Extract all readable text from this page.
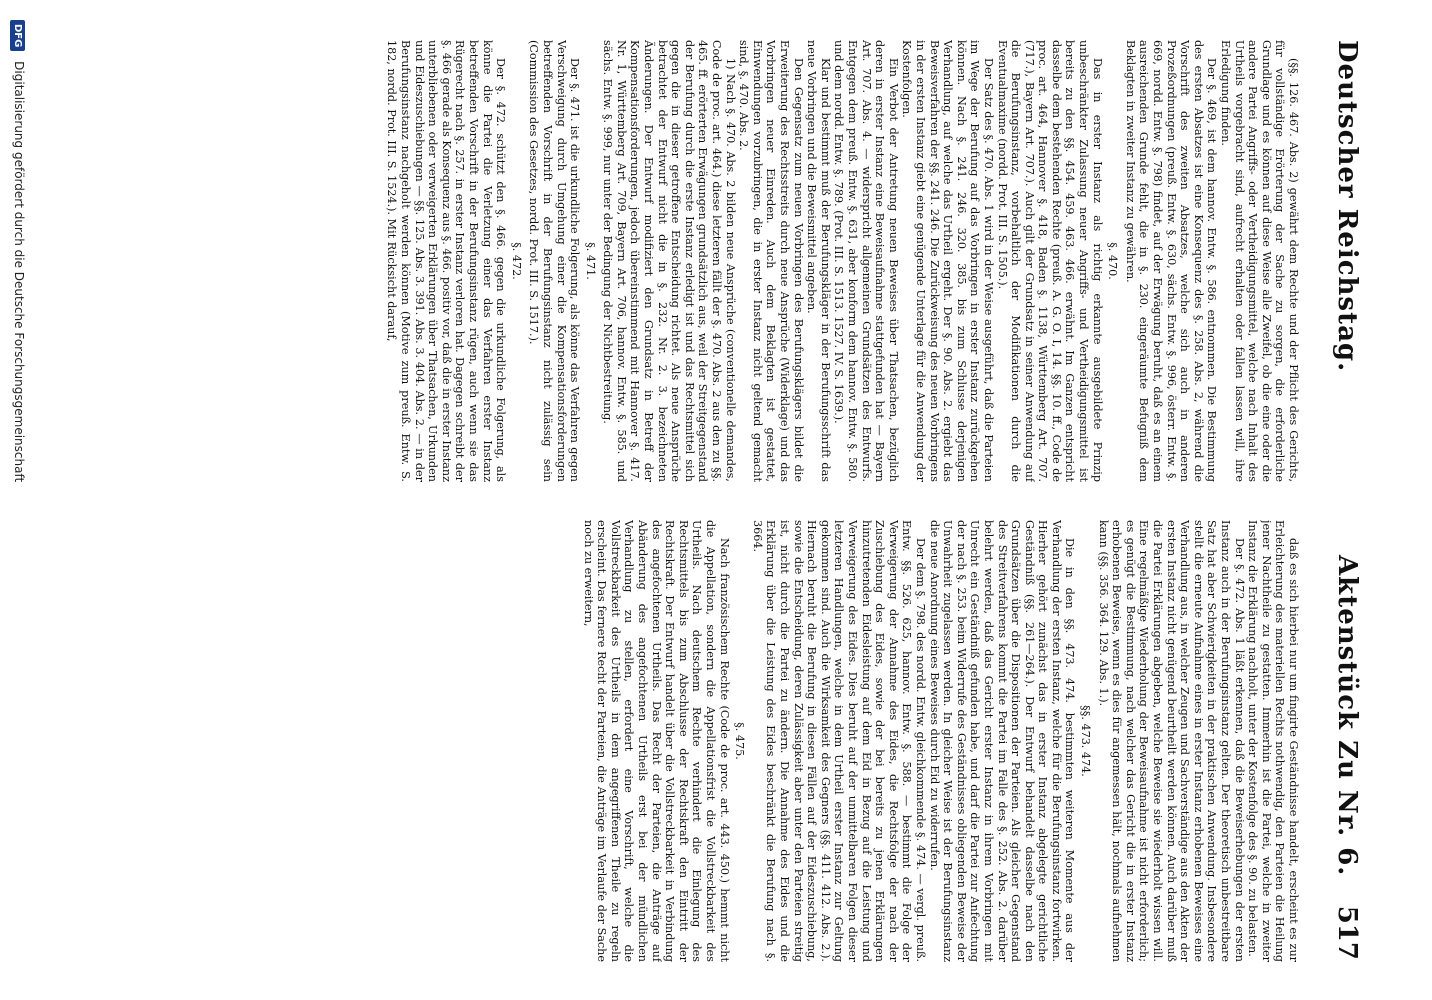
Deutscher Reichstag.
Aktenstück Zu Nr. 6.
517

(§§. 126. 467. Abs. 2) gewährt dem Rechte und der Pflicht des Gerichts, für vollständige Erörterung der Sache zu sorgen, die erforderliche Grundlage und es können auf diese Weise alle Zweifel, ob die eine oder die andere Partei Angriffs- oder Vertheidigungsmittel, welche nach Inhalt des Urtheils vorgebracht sind, aufrecht erhalten oder fallen lassen will, ihre Erledigung finden.

Der §. 469, ist dem hannov. Entw. §. 586. entnommen. Die Bestimmung des ersten Absatzes ist eine Konsequenz des §. 258. Abs. 2, während die Vorschrift des zweiten Absatzes, welche sich auch in anderen Prozeßordnungen (preuß. Entw. §. 630, sächs. Entw. §. 996, österr. Entw. §. 669, nordd. Entw. §. 798) findet, auf der Erwägung beruht, daß es an einem ausreichenden Grunde fehlt, die in §. 230. eingeräumte Befugniß dem Beklagten in zweiter Instanz zu gewähren.

§. 470.

Das in erster Instanz als richtig erkannte ausgebildete Prinzip unbeschränkter Zulassung neuer Angriffs- und Vertheidigungsmittel ist bereits zu den §§. 454. 459. 463. 466. erwähnt. Im Ganzen entspricht dasselbe dem bestehenden Rechte (preuß. A. G. O. I, 14. §§. 10. ff., Code de proc. art. 464, Hannover §. 418, Baden §. 1138, Württemberg Art. 707. (717.), Bayern Art. 707.). Auch gilt der Grundsatz in seiner Anwendung auf die Berufungsinstanz, vorbehaltlich der Modifikationen durch die Eventualmaxime (nordd. Prot. III. S. 1505.).

Der Satz des §. 470. Abs. 1 wird in der Weise ausgeführt, daß die Parteien im Wege der Berufung auf das Vorbringen in erster Instanz zurückgehen können. Nach §. 241. 246. 320. 385. bis zum Schlusse derjenigen Verhandlung, auf welche das Urtheil ergeht. Der §. 90. Abs. 2. ergiebt das Beweisverfahren der §§. 241. 246. Die Zurückweisung des neuen Vorbringens in der ersten Instanz giebt eine genügende Unterlage für die Anwendung der Kostenfolgen.

Ein Verbot der Antretung neuen Beweises über Thatsachen, bezüglich deren in erster Instanz eine Beweisaufnahme stattgefunden hat — Bayern Art. 707. Abs. 4. — widerspricht allgemeinen Grundsätzen des Entwurfs. Entgegen dem preuß. Entw. §. 631, aber konform dem hannov. Entw. §. 580. und dem nordd. Entw. §. 789. (Prot. III. S. 1513. 1527. IV. S. 1639.).

Klar und bestimmt muß der Berufungskläger in der Berufungsschrift das neue Vorbringen und die Beweismittel angeben.

Den Gegensatz zum neuen Vorbringen des Berufungsklägers bildet die Erweiterung des Rechtsstreits durch neue Ansprüche (Widerklage) und das Vorbringen neuer Einreden. Auch dem Beklagten ist gestattet, Einwendungen vorzubringen, die in erster Instanz nicht geltend gemacht sind, §. 470. Abs. 2.

1) Nach §. 470. Abs. 2 bilden neue Ansprüche (conventionelle demandes, Code de proc. art. 464.) diese letzteren fällt der §. 470. Abs. 2 aus den zu §§. 465. ff. erörterten Erwägungen grundsätzlich aus, weil der Streitgegenstand der Berufung durch die erste Instanz erledigt ist und das Rechtsmittel sich gegen die in dieser getroffene Entscheidung richtet. Als neue Ansprüche betrachtet der Entwurf nicht die in §. 232. Nr. 2. 3. bezeichneten Änderungen. Der Entwurf modifiziert den Grundsatz in Betreff der Kompensationsforderungen, jedoch übereinstimmend mit Hannover §. 417. Nr. 1, Württemberg Art. 709, Bayern Art. 706, hannov. Entw. §. 585. und sächs. Entw. §. 999, nur unter der Bedingung der Nichtbestreitung.

§. 471.

Der §. 471. ist die urkundliche Folgerung, als könne das Verfahren gegen Verschweigung durch Umgehung einer die Kompensationsforderungen betreffenden Vorschrift in der Berufungsinstanz nicht zulässig sein (Commission des Gesetzes, nordd. Prot. III. S. 1517.).

§. 472.

Der §. 472. schützt den §. 466. gegen die urkundliche Folgerung, als könne die Partei die Verletzung einer das Verfahren erster Instanz betreffenden Vorschrift in der Berufungsinstanz rügen, auch wenn sie das Rügerecht nach §. 257. in erster Instanz verloren hat. Dagegen schreibt der §. 466 gerade als Konsequenz aus §. 466. positiv vor, daß die in erster Instanz unterbliebenen oder verweigerten Erklärungen über Thatsachen, Urkunden und Eideszuschiebungen — §§. 125. Abs. 3. 391. Abs. 3. 404. Abs. 2. — in der Berufungsinstanz nachgeholt werden können (Motive zum preuß. Entw. S. 182, nordd. Prot. III. S. 1524.). Mit Rücksicht darauf,

daß es sich hierbei nur um fingirte Geständnisse handelt, erscheint es zur Erleichterung des materiellen Rechts nothwendig, den Parteien die Heilung jener Nachtheile zu gestatten. Immerhin ist die Partei, welche in zweiter Instanz die Erklärung nachholt, unter der Kostenfolge des §. 90. zu belasten.

Der §. 472. Abs. 1 läßt erkennen, daß die Beweiserhebungen der ersten Instanz auch in der Berufungsinstanz gelten. Der theoretisch unbestreitbare Satz hat aber Schwierigkeiten in der praktischen Anwendung. Insbesondere stellt die erneute Aufnahme eines in erster Instanz erhobenen Beweises eine Verhandlung aus, in welcher Zeugen und Sachverständige aus den Akten der ersten Instanz nicht genügend beurtheilt werden können. Auch darüber muß die Partei Erklärungen abgeben, welche Beweise sie wiederholt wissen will. Eine regelmäßige Wiederholung der Beweisaufnahme ist nicht erforderlich; es genügt die Bestimmung, nach welcher das Gericht die in erster Instanz erhobenen Beweise, wenn es dies für angemessen hält, nochmals aufnehmen kann (§§. 356. 364. 129. Abs. 1.).

§§. 473. 474.

Die in den §§. 473. 474. bestimmten weiteren Momente aus der Verhandlung der ersten Instanz, welche für die Berufungsinstanz fortwirken. Hierher gehört zunächst das in erster Instanz abgelegte gerichtliche Geständniß (§§. 261—264.). Der Entwurf behandelt dasselbe nach den Grundsätzen über die Dispositionen der Parteien. Als gleicher Gegenstand des Streitverfahrens kommt die Partei im Falle des §. 252. Abs. 2. darüber belehrt werden, daß das Gericht erster Instanz in ihrem Vorbringen mit Unrecht ein Geständniß gefunden habe, und darf die Partei zur Anfechtung der nach §. 253. beim Widerrufe des Geständnisses obliegenden Beweise der Unwahrheit zugelassen werden. In gleicher Weise ist der Berufungsinstanz die neue Anordnung eines Beweises durch Eid zu widerrufen.

Der dem §. 798. des nordd. Entw. gleichkommende §. 474. — vergl. preuß. Entw. §§. 526. 625, hannov. Entw. §. 588. — bestimmt die Folge der Verweigerung der Annahme des Eides, die Rechtsfolge der nach der Zuschiebung des Eides, sowie der bei bereits zu jenen Erklärungen hinzutretenden Eidesleistung auf dem Eid in Bezug auf die Leistung und Verweigerung des Eides. Dies beruht auf der unmittelbaren Folgen dieser letzteren Handlungen, welche in dem Urtheil erster Instanz zur Geltung gekommen sind. Auch die Wirksamkeit des Gegners (§§. 411. 412. Abs. 2.). Hiernach beruht die Berufung in diesen Fällen auf der Eideszuschiebung, sowie die Entscheidung, deren Zulässigkeit aber unter den Parteien streitig ist, nicht durch die Partei zu ändern. Die Annahme des Eides und die Erklärung über die Leistung des Eides beschränkt die Berufung nach §. 3664.

§. 475.

Nach französischem Rechte (Code de proc. art. 443. 450.) hemmt nicht die Appellation, sondern die Appellationsfrist die Vollstreckbarkeit des Urtheils. Nach deutschem Rechte verhindert die Einlegung des Rechtsmittels bis zum Abschlusse der Rechtskraft den Eintritt der Rechtskraft. Der Entwurf handelt über die Vollstreckbarkeit in Verbindung des angefochtenen Urtheils. Das Recht der Parteien, die Anträge auf Abänderung des angefochtenen Urtheils erst bei der mündlichen Verhandlung zu stellen, erfordert eine Vorschrift, welche die Vollstreckbarkeit des Urtheils in dem angegriffenen Theile zu regeln erscheint. Das fernere Recht der Parteien, die Anträge im Verlaufe der Sache noch zu erweitern,

DFG Digitalisierung gefördert durch die Deutsche Forschungsgemeinschaft
